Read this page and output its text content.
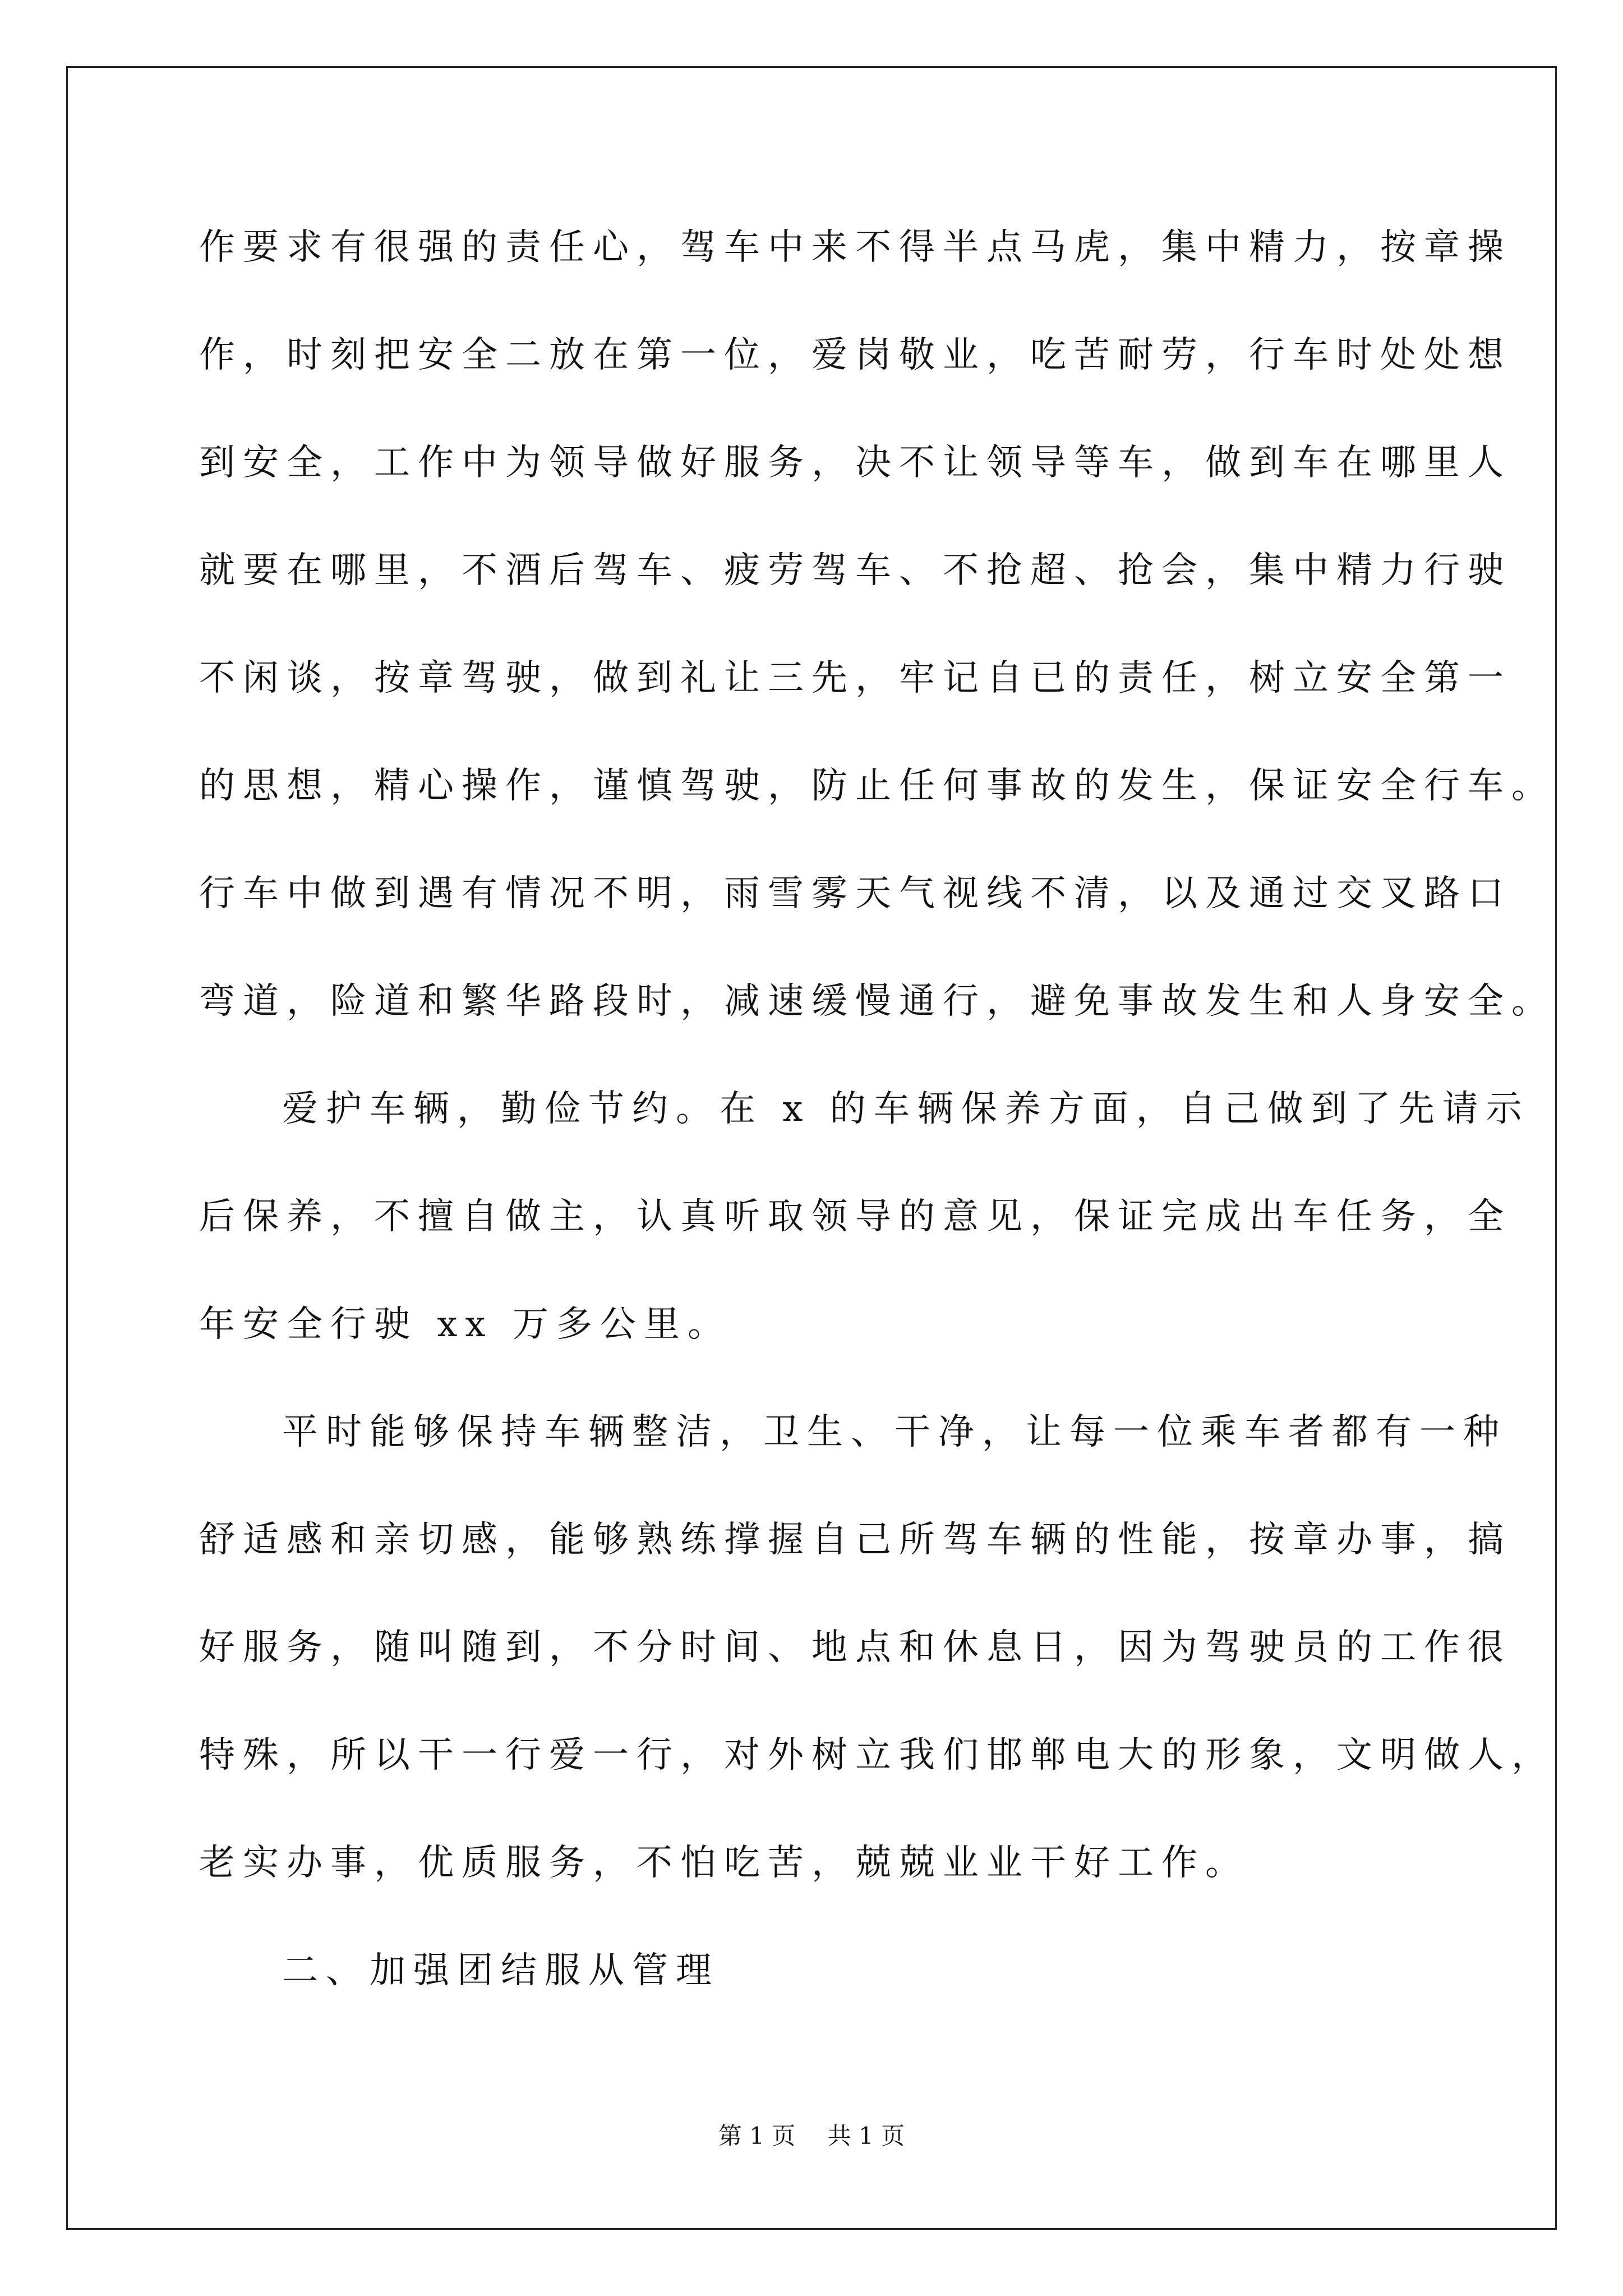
作要求有很强的责任心，驾车中来不得半点马虎，集中精力，按章操

作，时刻把安全二放在第一位，爱岗敬业，吃苦耐劳，行车时处处想

到安全，工作中为领导做好服务，决不让领导等车，做到车在哪里人

就要在哪里，不酒后驾车、疲劳驾车、不抢超、抢会，集中精力行驶

不闲谈，按章驾驶，做到礼让三先，牢记自已的责任，树立安全第一

的思想，精心操作，谨慎驾驶，防止任何事故的发生，保证安全行车。

行车中做到遇有情况不明，雨雪雾天气视线不清，以及通过交叉路口

弯道，险道和繁华路段时，减速缓慢通行，避免事故发生和人身安全。

爱护车辆，勤俭节约。在 x 的车辆保养方面，自己做到了先请示

后保养，不擅自做主，认真听取领导的意见，保证完成出车任务，全

年安全行驶 xx 万多公里。

平时能够保持车辆整洁，卫生、干净，让每一位乘车者都有一种

舒适感和亲切感，能够熟练撑握自己所驾车辆的性能，按章办事，搞

好服务，随叫随到，不分时间、地点和休息日，因为驾驶员的工作很

特殊，所以干一行爱一行，对外树立我们邯郸电大的形象，文明做人，

老实办事，优质服务，不怕吃苦，兢兢业业干好工作。

二、加强团结服从管理

第 1 页 共 1 页
